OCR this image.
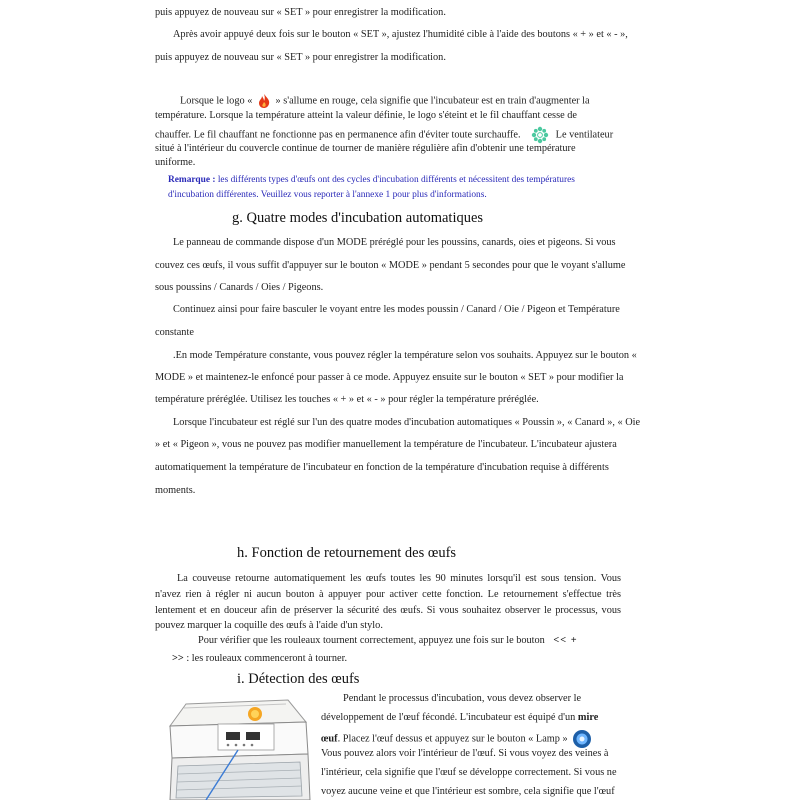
puis appuyez de nouveau sur « SET » pour enregistrer la modification.
Après avoir appuyé deux fois sur le bouton « SET », ajustez l'humidité cible à l'aide des boutons « + » et « - »,
puis appuyez de nouveau sur « SET » pour enregistrer la modification.
Lorsque le logo « » s'allume en rouge, cela signifie que l'incubateur est en train d'augmenter la
température. Lorsque la température atteint la valeur définie, le logo s'éteint et le fil chauffant cesse de
chauffer. Le fil chauffant ne fonctionne pas en permanence afin d'éviter toute surchauffe.	Le ventilateur
situé à l'intérieur du couvercle continue de tourner de manière régulière afin d'obtenir une température
uniforme.
Remarque : les différents types d'œufs ont des cycles d'incubation différents et nécessitent des températures
d'incubation différentes. Veuillez vous reporter à l'annexe 1 pour plus d'informations.
g. Quatre modes d'incubation automatiques
Le panneau de commande dispose d'un MODE préréglé pour les poussins, canards, oies et pigeons. Si vous
couvez ces œufs, il vous suffit d'appuyer sur le bouton « MODE » pendant 5 secondes pour que le voyant s'allume
sous poussins / Canards / Oies / Pigeons.
Continuez ainsi pour faire basculer le voyant entre les modes poussin / Canard / Oie / Pigeon et Température
constante
.En mode Température constante, vous pouvez régler la température selon vos souhaits. Appuyez sur le bouton «
MODE » et maintenez-le enfoncé pour passer à ce mode. Appuyez ensuite sur le bouton « SET » pour modifier la
température préréglée. Utilisez les touches « + » et « - » pour régler la température préréglée.
Lorsque l'incubateur est réglé sur l'un des quatre modes d'incubation automatiques « Poussin », « Canard », « Oie
» et « Pigeon », vous ne pouvez pas modifier manuellement la température de l'incubateur. L'incubateur ajustera
automatiquement la température de l'incubateur en fonction de la température d'incubation requise à différents
moments.
h. Fonction de retournement des œufs
La couveuse retourne automatiquement les œufs toutes les 90 minutes lorsqu'il est sous tension. Vous
n'avez rien à régler ni aucun bouton à appuyer pour activer cette fonction. Le retournement s'effectue très
lentement et en douceur afin de préserver la sécurité des œufs. Si vous souhaitez observer le processus, vous
pouvez marquer la coquille des œufs à l'aide d'un stylo.
Pour vérifier que les rouleaux tournent correctement, appuyez une fois sur le bouton << +
>> : les rouleaux commenceront à tourner.
i. Détection des œufs
Pendant le processus d'incubation, vous devez observer le
développement de l'œuf fécondé. L'incubateur est équipé d'un mire
œuf. Placez l'œuf dessus et appuyez sur le bouton « Lamp »
Vous pouvez alors voir l'intérieur de l'œuf. Si vous voyez des veines à
l'intérieur, cela signifie que l'œuf se développe correctement. Si vous ne
voyez aucune veine et que l'intérieur est sombre, cela signifie que l'œuf
